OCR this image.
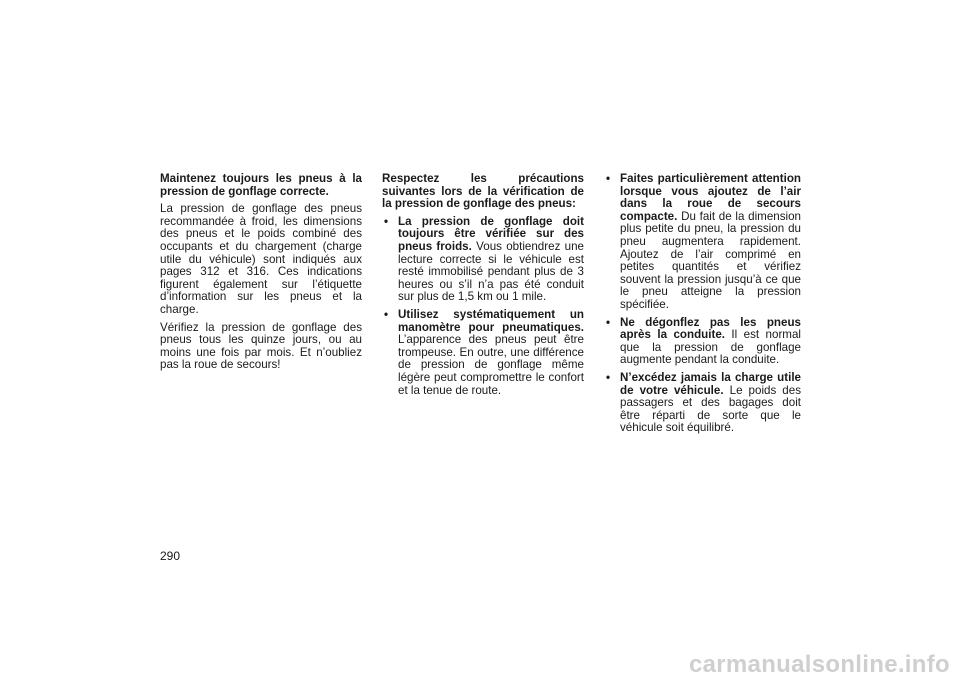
Maintenez toujours les pneus à la pression de gonflage correcte.

La pression de gonflage des pneus recommandée à froid, les dimensions des pneus et le poids combiné des occupants et du chargement (charge utile du véhicule) sont indiqués aux pages 312 et 316. Ces indications figurent également sur l’étiquette d’information sur les pneus et la charge.

Vérifiez la pression de gonflage des pneus tous les quinze jours, ou au moins une fois par mois. Et n’oubliez pas la roue de secours!

Respectez les précautions suivantes lors de la vérification de la pression de gonflage des pneus:

• La pression de gonflage doit toujours être vérifiée sur des pneus froids. Vous obtiendrez une lecture correcte si le véhicule est resté immobilisé pendant plus de 3 heures ou s’il n’a pas été conduit sur plus de 1,5 km ou 1 mile.
• Utilisez systématiquement un manomètre pour pneumatiques. L’apparence des pneus peut être trompeuse. En outre, une différence de pression de gonflage même légère peut compromettre le confort et la tenue de route.
• Faites particulièrement attention lorsque vous ajoutez de l’air dans la roue de secours compacte. Du fait de la dimension plus petite du pneu, la pression du pneu augmentera rapidement. Ajoutez de l’air comprimé en petites quantités et vérifiez souvent la pression jusqu’à ce que le pneu atteigne la pression spécifiée.
• Ne dégonflez pas les pneus après la conduite. Il est normal que la pression de gonflage augmente pendant la conduite.
• N’excédez jamais la charge utile de votre véhicule. Le poids des passagers et des bagages doit être réparti de sorte que le véhicule soit équilibré.
290
carmanualsonline.info
